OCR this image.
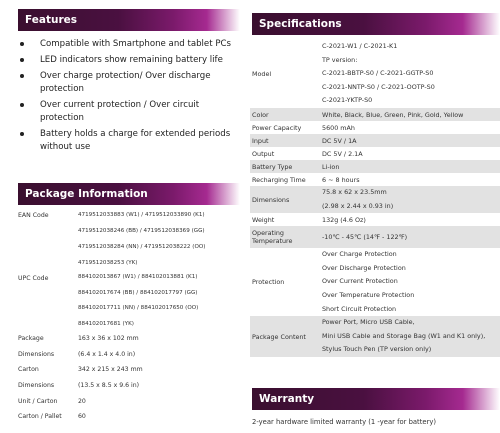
Features
Compatible with Smartphone and tablet PCs
LED indicators show remaining battery life
Over charge protection/ Over discharge protection
Over current protection / Over circuit protection
Battery holds a charge for extended periods without use
Package Information
EAN Code	4719512033883 (W1) / 4719512033890 (K1)
4719512038246 (BB) / 4719512038369 (GG)
4719512038284 (NN) / 4719512038222 (OO)
4719512038253 (YK)
UPC Code	884102013867 (W1) / 884102013881 (K1)
884102017674 (BB) / 884102017797 (GG)
884102017711 (NN) / 884102017650 (OO)
884102017681 (YK)
Package	163 x 36 x 102 mm
Dimensions	(6.4 x 1.4 x 4.0 in)
Carton	342 x 215 x 243 mm
Dimensions	(13.5 x 8.5 x 9.6 in)
Unit / Carton	20
Carton / Pallet	60
Specifications
Model	C-2021-W1 / C-2021-K1
TP version:
C-2021-BBTP-S0 / C-2021-GGTP-S0
C-2021-NNTP-S0 / C-2021-OOTP-S0
C-2021-YKTP-S0

Color	White, Black, Blue, Green, Pink, Gold, Yellow
Power Capacity	5600 mAh
Input	DC 5V / 1A
Output	DC 5V / 2.1A
Battery Type	Li-ion
Recharging Time	6 ~ 8 hours
Dimensions	75.8 x 62 x 23.5mm
(2.98 x 2.44 x 0.93 in)

Weight	132g (4.6 Oz)
Operating Temperature	-10℃ - 45℃ (14℉ - 122℉)
Protection	Over Charge Protection
Over Discharge Protection
Over Current Protection
Over Temperature Protection
Short Circuit Protection

Package Content	Power Port, Micro USB Cable,
Mini USB Cable and Storage Bag (W1 and K1 only),
Stylus Touch Pen (TP version only)
Warranty
2-year hardware limited warranty (1 -year for battery)
